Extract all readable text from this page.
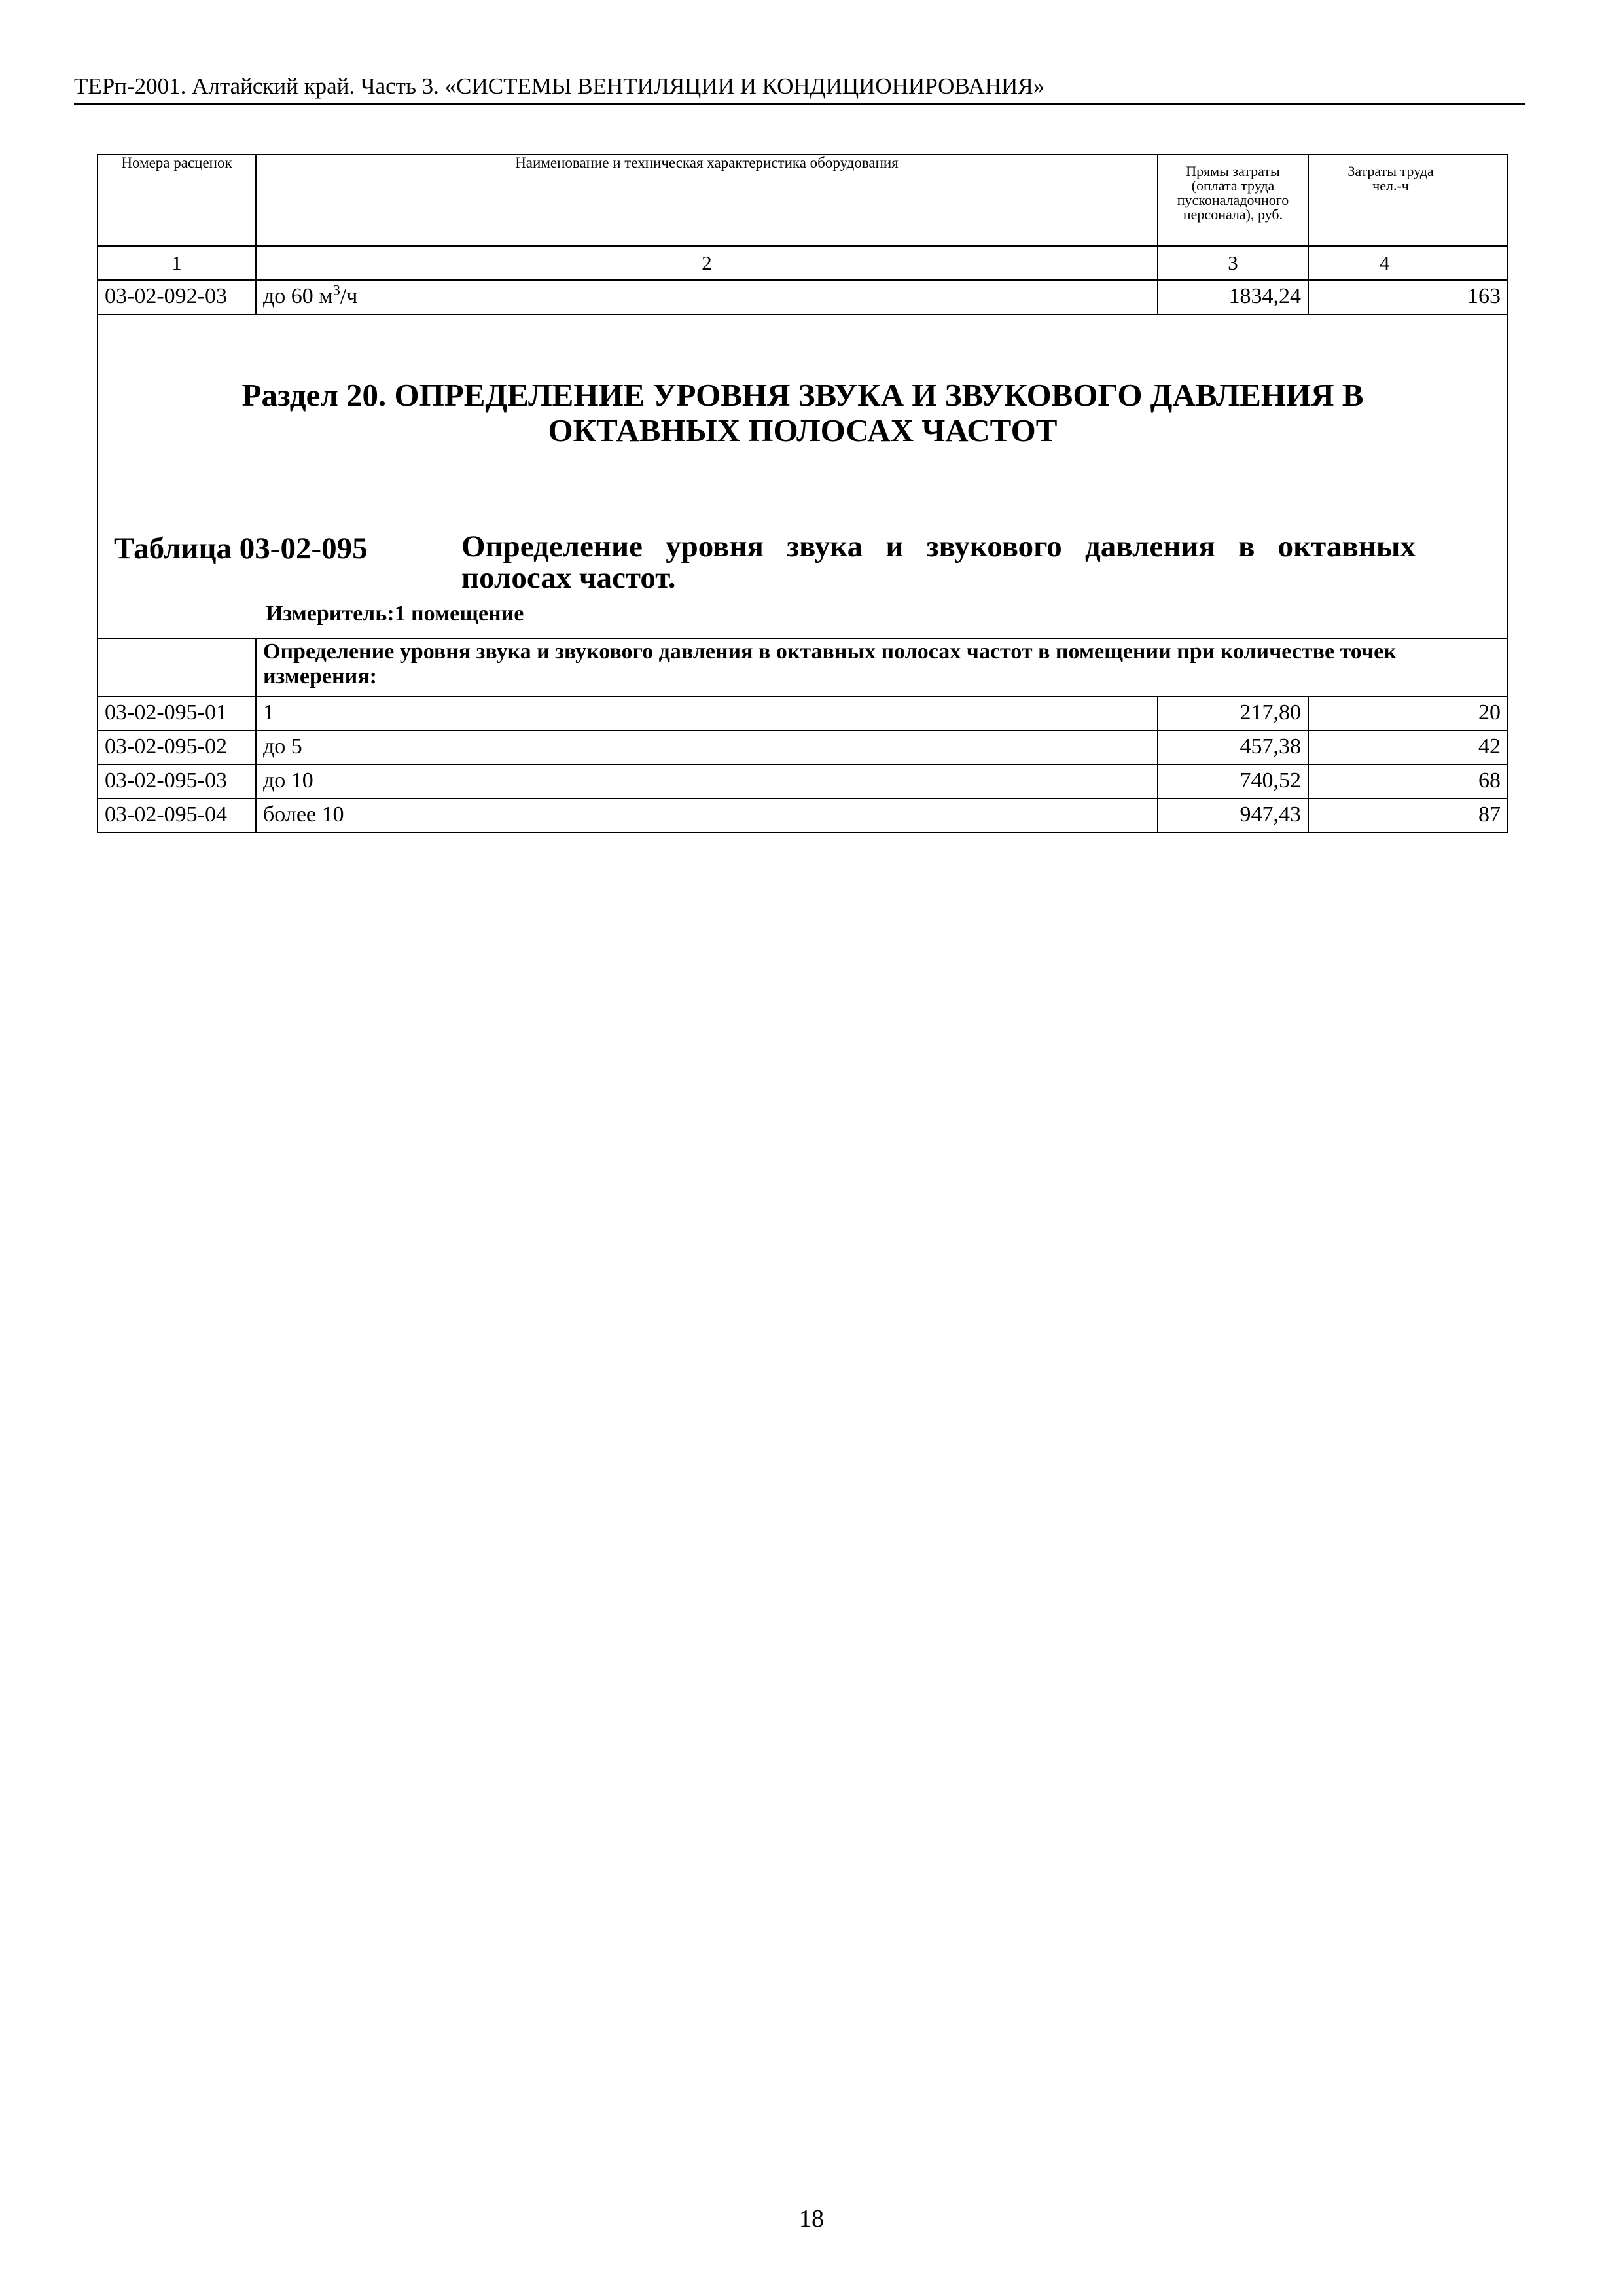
ТЕРп-2001. Алтайский край. Часть 3. «СИСТЕМЫ ВЕНТИЛЯЦИИ И КОНДИЦИОНИРОВАНИЯ»
Номера расценок	Наименование и техническая характеристика оборудования	Прямы затраты (оплата труда пусконаладочного персонала), руб.	Затраты труда чел.-ч

1	2	3	4
03-02-092-03	до 60 $м^3/ч$	1834,24	163

Раздел 20. ОПРЕДЕЛЕНИЕ УРОВНЯ ЗВУКА И ЗВУКОВОГО ДАВЛЕНИЯ В ОКТАВНЫХ ПОЛОСАХ ЧАСТОТ
Таблица 03-02-095 Определение уровня звука и звукового давления в октавных полосах частот.
Измеритель:1 помещение			

	Определение уровня звука и звукового давления в октавных полосах частот в помещении при количестве точек измерения:		
03-02-095-01	1	217,80	20
03-02-095-02	до 5	457,38	42
03-02-095-03	до 10	740,52	68
03-02-095-04	более 10	947,43	87
18
